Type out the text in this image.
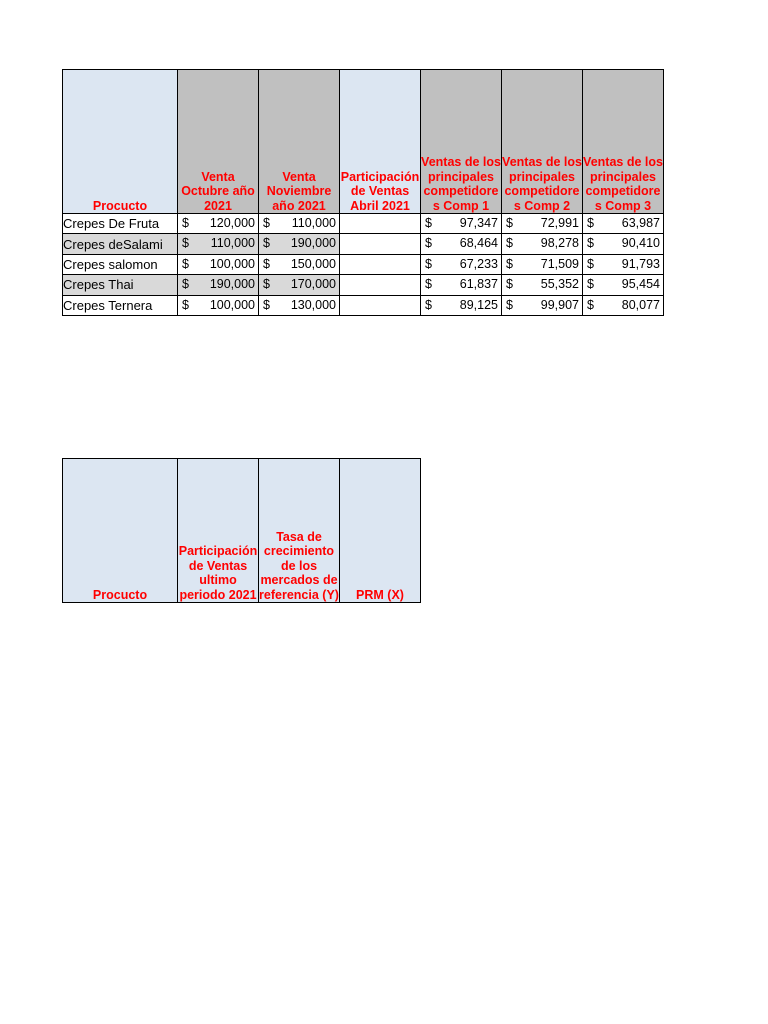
Procucto	Venta Octubre año 2021	Venta Noviembre año 2021	Participación de Ventas Abril 2021	Ventas de los principales competidore s Comp 1	Ventas de los principales competidore s Comp 2	Ventas de los principales competidore s Comp 3
Crepes De Fruta	$ 120,000	$ 110,000		$ 97,347	$ 72,991	$ 63,987

Crepes deSalami	$ 110,000	$ 190,000		$ 68,464	$ 98,278	$ 90,410

Crepes salomon	$ 100,000	$ 150,000		$ 67,233	$ 71,509	$ 91,793

Crepes Thai	$ 190,000	$ 170,000		$ 61,837	$ 55,352	$ 95,454

Crepes Ternera	$ 100,000	$ 130,000		$ 89,125	$ 99,907	$ 80,077
Procucto	Participación de Ventas ultimo periodo 2021	Tasa de crecimiento de los mercados de referencia (Y)	PRM (X)
